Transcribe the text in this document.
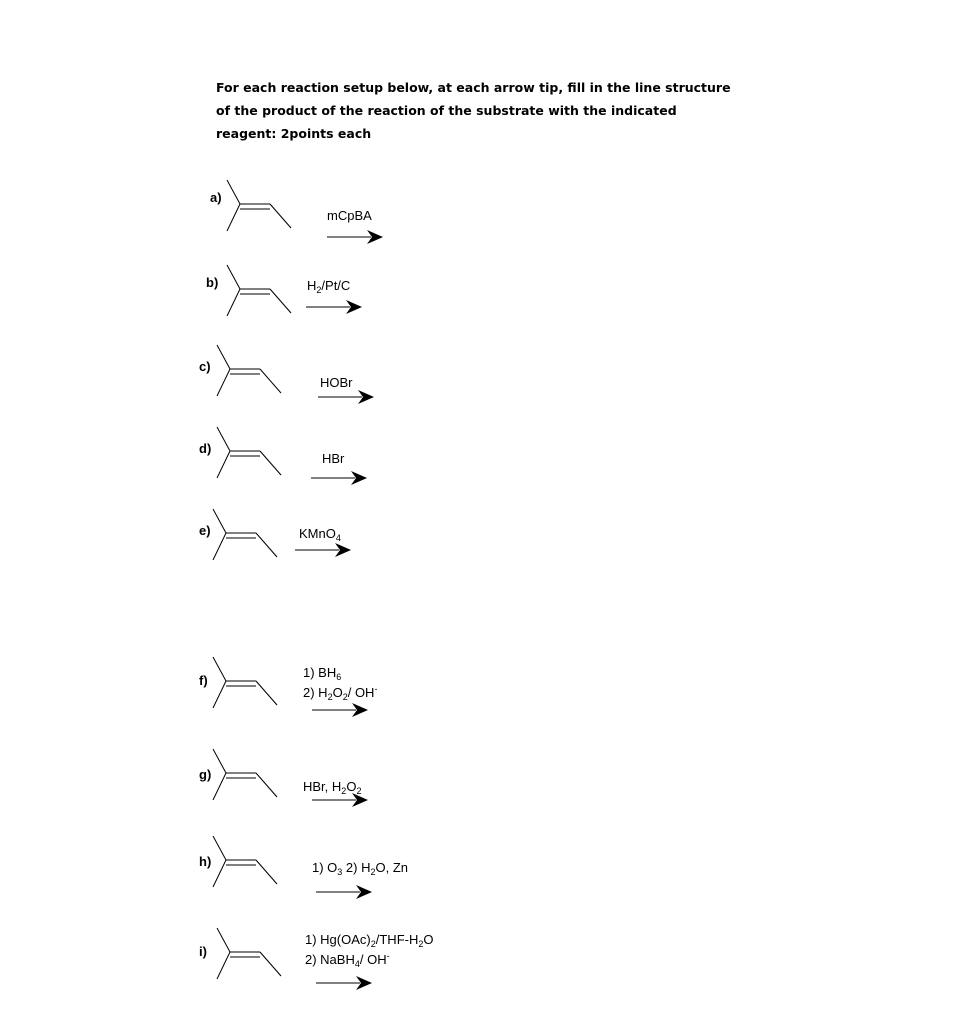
For each reaction setup below, at each arrow tip, fill in the line structure of the product of the reaction of the substrate with the indicated reagent: 2points each

a)
mCpBA
b)	$H_2/Pt/C$
c)
HOBr
d)
HBr
e)	KMnO$_4$
f)
1) $BH_6$
2) $H_2O_2/$ OH-
g)
HBr, $H_2O_2$
h)	1) $O_3$ 2) $H_2O$, Zn
i)
1) $Hg(OAc)_2/THF-H_2O$
2) NaBH$_4$/ OH-
